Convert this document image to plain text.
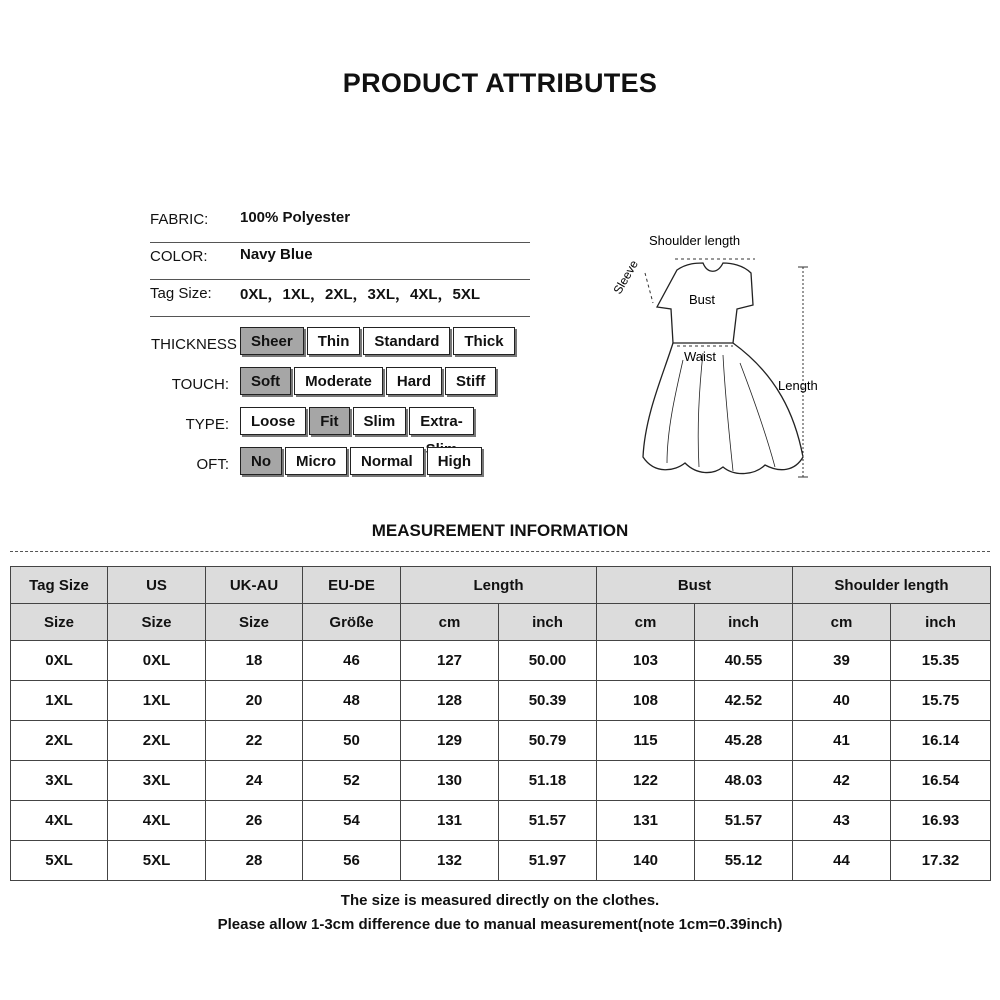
PRODUCT ATTRIBUTES
FABRIC: 100% Polyester
COLOR: Navy Blue
Tag Size: 0XL，1XL，2XL，3XL，4XL，5XL
THICKNESS Sheer	Thin	Standard	Thick
TOUCH:	Soft	Moderate	Hard	Stiff
TYPE:	Loose	Fit	Slim	Extra-
OFT:	No	Micro	Normal	High
Shoulder length
Sleeve
Bust
Waist
Length
MEASUREMENT INFORMATION
Tag Size	US	UK-AU	EU-DE	Length		Bust		Shoulder length	
Size	Size	Size	Größe	cm	inch	cm	inch	cm	inch
0XL	0XL	18	46	127	50.00	103	40.55	39	15.35
1XL	1XL	20	48	128	50.39	108	42.52	40	15.75
2XL	2XL	22	50	129	50.79	115	45.28	41	16.14
3XL	3XL	24	52	130	51.18	122	48.03	42	16.54
4XL	4XL	26	54	131	51.57	131	51.57	43	16.93
5XL	5XL	28	56	132	51.97	140	55.12	44	17.32
The size is measured directly on the clothes.
Please allow 1-3cm difference due to manual measurement(note 1cm=0.39inch)
